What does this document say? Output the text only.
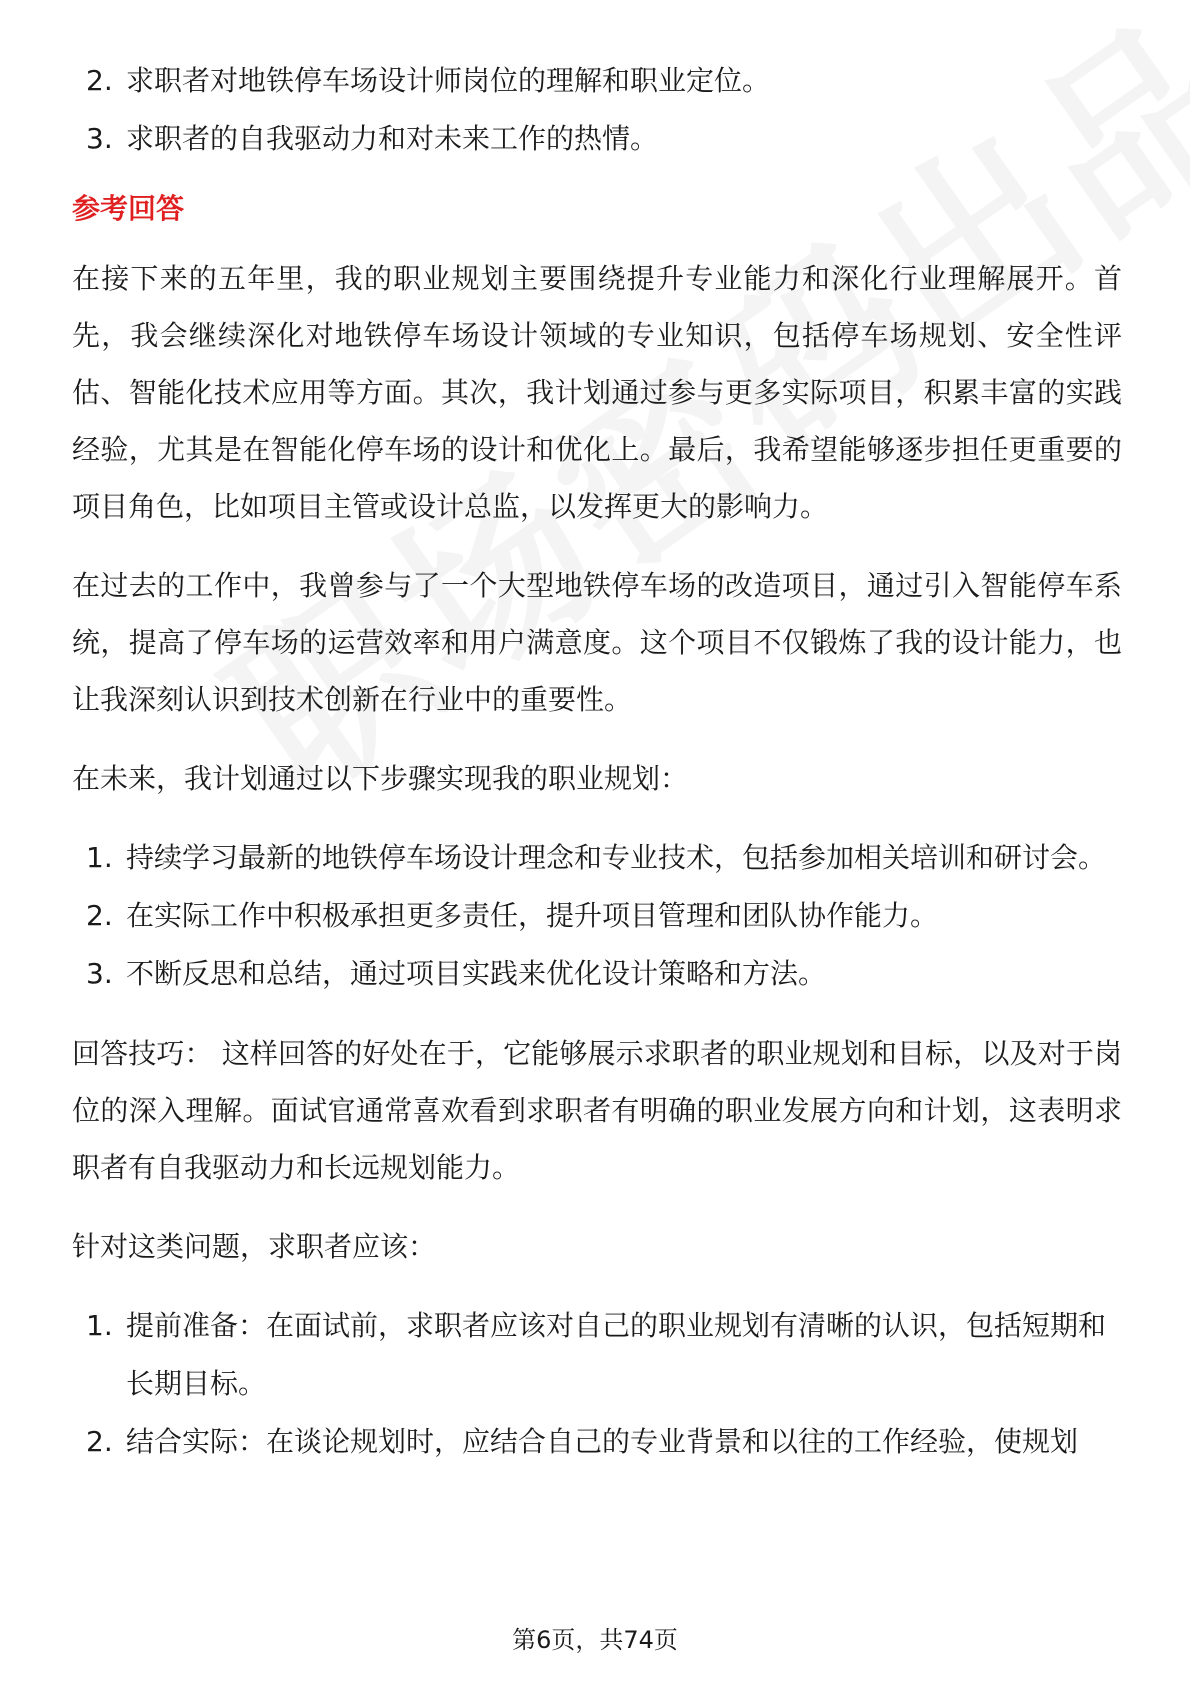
2. 求职者对地铁停车场设计师岗位的理解和职业定位。
3. 求职者的自我驱动力和对未来工作的热情。
参考回答

在接下来的五年里，我的职业规划主要围绕提升专业能力和深化行业理解展开。首先，我会继续深化对地铁停车场设计领域的专业知识，包括停车场规划、安全性评估、智能化技术应用等方面。其次，我计划通过参与更多实际项目，积累丰富的实践经验，尤其是在智能化停车场的设计和优化上。最后，我希望能够逐步担任更重要的项目角色，比如项目主管或设计总监，以发挥更大的影响力。

在过去的工作中，我曾参与了一个大型地铁停车场的改造项目，通过引入智能停车系统，提高了停车场的运营效率和用户满意度。这个项目不仅锻炼了我的设计能力，也让我深刻认识到技术创新在行业中的重要性。

在未来，我计划通过以下步骤实现我的职业规划：

1. 持续学习最新的地铁停车场设计理念和专业技术，包括参加相关培训和研讨会。
2. 在实际工作中积极承担更多责任，提升项目管理和团队协作能力。
3. 不断反思和总结，通过项目实践来优化设计策略和方法。

回答技巧： 这样回答的好处在于，它能够展示求职者的职业规划和目标，以及对于岗位的深入理解。面试官通常喜欢看到求职者有明确的职业发展方向和计划，这表明求职者有自我驱动力和长远规划能力。

针对这类问题，求职者应该：

1. 提前准备：在面试前，求职者应该对自己的职业规划有清晰的认识，包括短期和长期目标。
2. 结合实际：在谈论规划时，应结合自己的专业背景和以往的工作经验，使规划
第6页，共74页
